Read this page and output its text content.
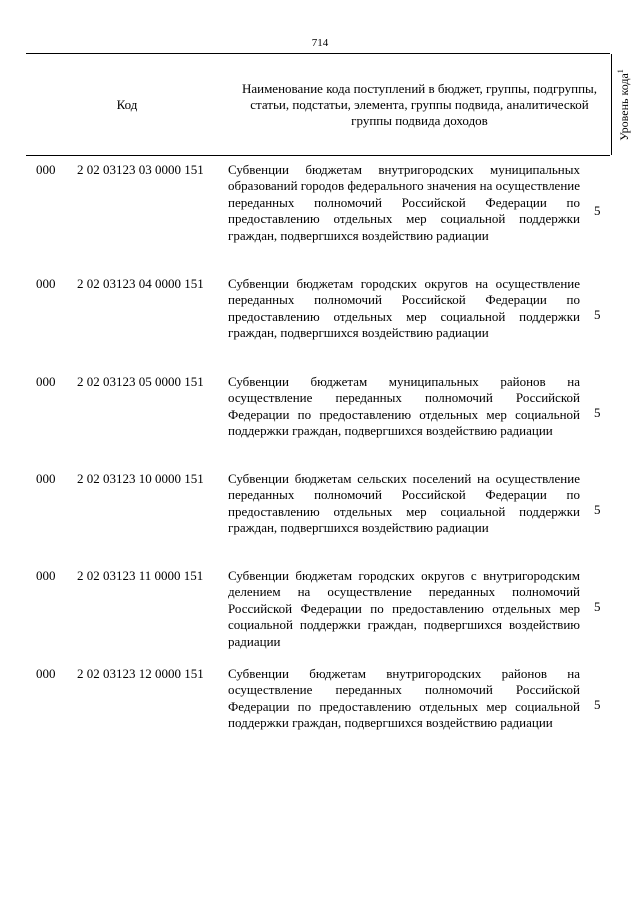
714
Код
Наименование кода поступлений в бюджет, группы, подгруппы, статьи, подстатьи, элемента, группы подвида, аналитической группы подвида доходов	Уровень кода$^1$
000 2 02 03123 03 0000 151 Субвенции бюджетам внутригородских муниципальных образований городов федерального значения на осуществление переданных полномочий Российской Федерации по предоставлению отдельных мер социальной поддержки граждан, подвергшихся воздействию радиации
5
000 2 02 03123 04 0000 151 Субвенции бюджетам городских округов на осуществление переданных полномочий Российской Федерации по предоставлению отдельных мер социальной поддержки граждан, подвергшихся воздействию радиации
5
000 2 02 03123 05 0000 151 Субвенции бюджетам муниципальных районов на осуществление переданных полномочий Российской Федерации по предоставлению отдельных мер социальной поддержки граждан, подвергшихся воздействию радиации
5
000 2 02 03123 10 0000 151 Субвенции бюджетам сельских поселений на осуществление переданных полномочий Российской Федерации по предоставлению отдельных мер социальной поддержки граждан, подвергшихся воздействию радиации
5
000 2 02 03123 11 0000 151 Субвенции бюджетам городских округов с внутригородским делением на осуществление переданных полномочий Российской Федерации по предоставлению отдельных мер социальной поддержки граждан, подвергшихся воздействию радиации
5
000 2 02 03123 12 0000 151 Субвенции бюджетам внутригородских районов на осуществление переданных полномочий Российской Федерации по предоставлению отдельных мер социальной поддержки граждан, подвергшихся воздействию радиации
5
